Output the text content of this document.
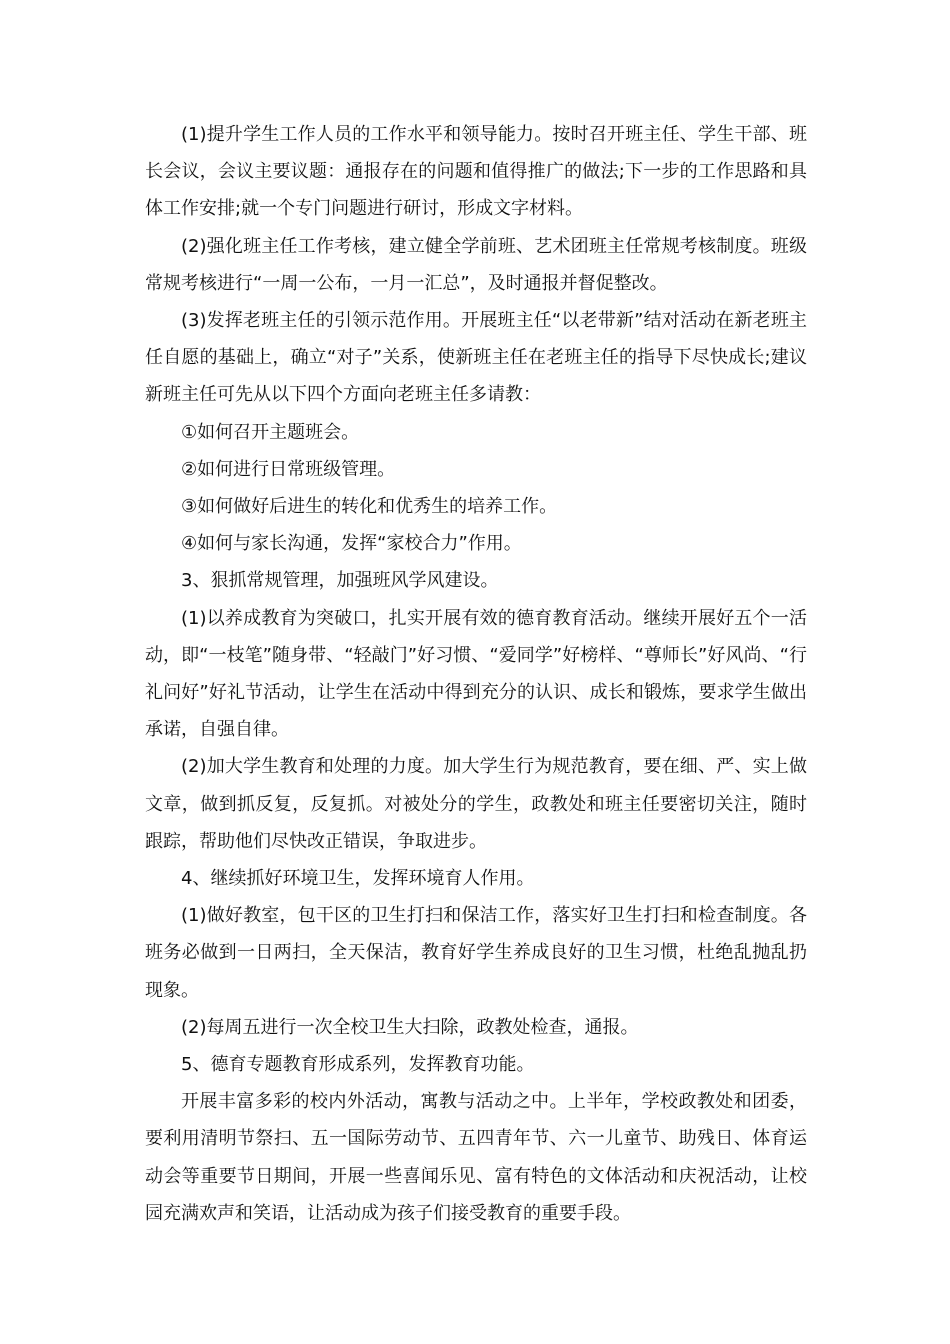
(1)提升学生工作人员的工作水平和领导能力。按时召开班主任、学生干部、班长会议，会议主要议题：通报存在的问题和值得推广的做法;下一步的工作思路和具体工作安排;就一个专门问题进行研讨，形成文字材料。

(2)强化班主任工作考核，建立健全学前班、艺术团班主任常规考核制度。班级常规考核进行“一周一公布，一月一汇总”，及时通报并督促整改。

(3)发挥老班主任的引领示范作用。开展班主任“以老带新”结对活动在新老班主任自愿的基础上，确立“对子”关系，使新班主任在老班主任的指导下尽快成长;建议新班主任可先从以下四个方面向老班主任多请教：

①如何召开主题班会。

②如何进行日常班级管理。

③如何做好后进生的转化和优秀生的培养工作。

④如何与家长沟通，发挥“家校合力”作用。

3、狠抓常规管理，加强班风学风建设。

(1)以养成教育为突破口，扎实开展有效的德育教育活动。继续开展好五个一活动，即“一枝笔”随身带、“轻敲门”好习惯、“爱同学”好榜样、“尊师长”好风尚、“行礼问好”好礼节活动，让学生在活动中得到充分的认识、成长和锻炼，要求学生做出承诺，自强自律。

(2)加大学生教育和处理的力度。加大学生行为规范教育，要在细、严、实上做文章，做到抓反复，反复抓。对被处分的学生，政教处和班主任要密切关注，随时跟踪，帮助他们尽快改正错误，争取进步。

4、继续抓好环境卫生，发挥环境育人作用。

(1)做好教室，包干区的卫生打扫和保洁工作，落实好卫生打扫和检查制度。各班务必做到一日两扫，全天保洁，教育好学生养成良好的卫生习惯，杜绝乱抛乱扔现象。

(2)每周五进行一次全校卫生大扫除，政教处检查，通报。

5、德育专题教育形成系列，发挥教育功能。

开展丰富多彩的校内外活动，寓教与活动之中。上半年，学校政教处和团委，要利用清明节祭扫、五一国际劳动节、五四青年节、六一儿童节、助残日、体育运动会等重要节日期间，开展一些喜闻乐见、富有特色的文体活动和庆祝活动，让校园充满欢声和笑语，让活动成为孩子们接受教育的重要手段。
